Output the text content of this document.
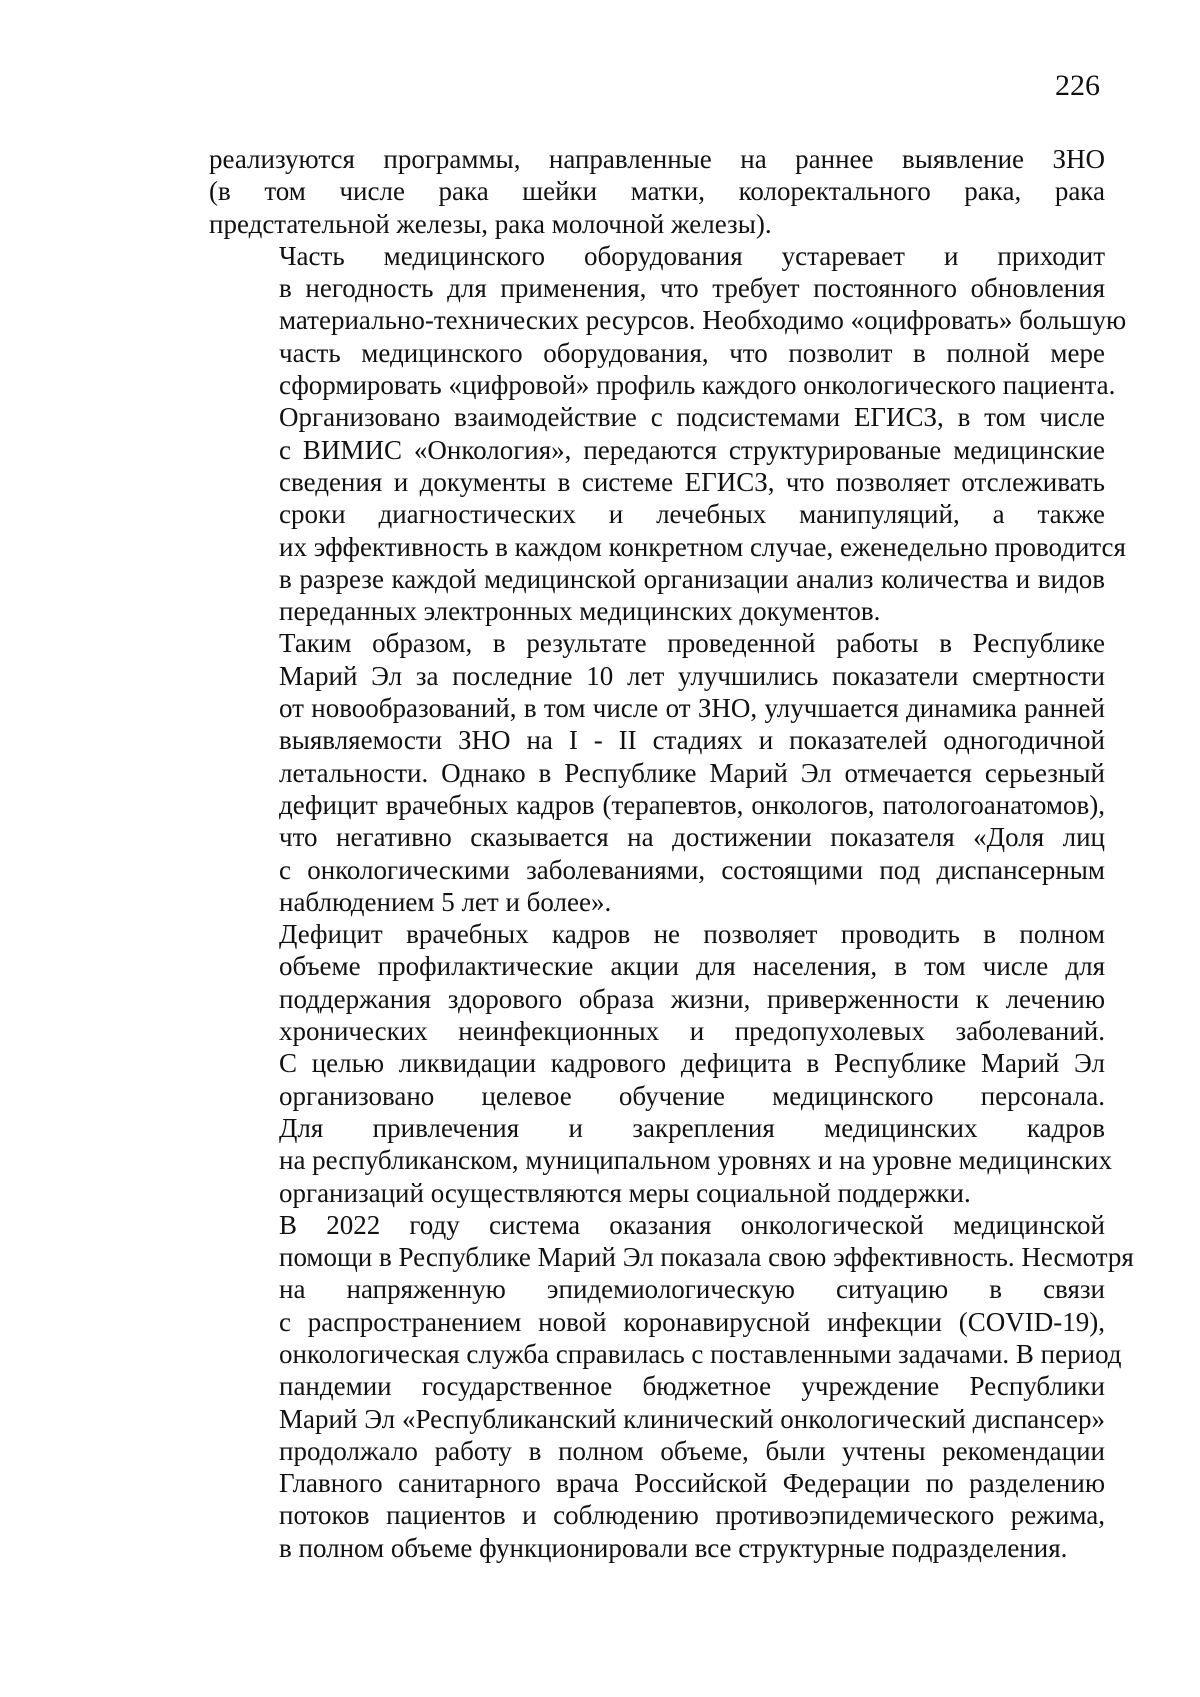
226

реализуются программы, направленные на раннее выявление ЗНО
(в том числе рака шейки матки, колоректального рака, рака
предстательной железы, рака молочной железы).

Часть медицинского оборудования устаревает и приходит
в негодность для применения, что требует постоянного обновления
материально-технических ресурсов. Необходимо «оцифровать» большую
часть медицинского оборудования, что позволит в полной мере
сформировать «цифровой» профиль каждого онкологического пациента.

Организовано взаимодействие с подсистемами ЕГИСЗ, в том числе
с ВИМИС «Онкология», передаются структурированые медицинские
сведения и документы в системе ЕГИСЗ, что позволяет отслеживать
сроки диагностических и лечебных манипуляций, а также
их эффективность в каждом конкретном случае, еженедельно проводится
в разрезе каждой медицинской организации анализ количества и видов
переданных электронных медицинских документов.

Таким образом, в результате проведенной работы в Республике
Марий Эл за последние 10 лет улучшились показатели смертности
от новообразований, в том числе от ЗНО, улучшается динамика ранней
выявляемости ЗНО на I - II стадиях и показателей одногодичной
летальности. Однако в Республике Марий Эл отмечается серьезный
дефицит врачебных кадров (терапевтов, онкологов, патологоанатомов),
что негативно сказывается на достижении показателя «Доля лиц
с онкологическими заболеваниями, состоящими под диспансерным
наблюдением 5 лет и более».

Дефицит врачебных кадров не позволяет проводить в полном
объеме профилактические акции для населения, в том числе для
поддержания здорового образа жизни, приверженности к лечению
хронических неинфекционных и предопухолевых заболеваний.
С целью ликвидации кадрового дефицита в Республике Марий Эл
организовано целевое обучение медицинского персонала.
Для привлечения и закрепления медицинских кадров
на республиканском, муниципальном уровнях и на уровне медицинских
организаций осуществляются меры социальной поддержки.

В 2022 году система оказания онкологической медицинской
помощи в Республике Марий Эл показала свою эффективность. Несмотря
на напряженную эпидемиологическую ситуацию в связи
с распространением новой коронавирусной инфекции (COVID-19),
онкологическая служба справилась с поставленными задачами. В период
пандемии государственное бюджетное учреждение Республики
Марий Эл «Республиканский клинический онкологический диспансер»
продолжало работу в полном объеме, были учтены рекомендации
Главного санитарного врача Российской Федерации по разделению
потоков пациентов и соблюдению противоэпидемического режима,
в полном объеме функционировали все структурные подразделения.
